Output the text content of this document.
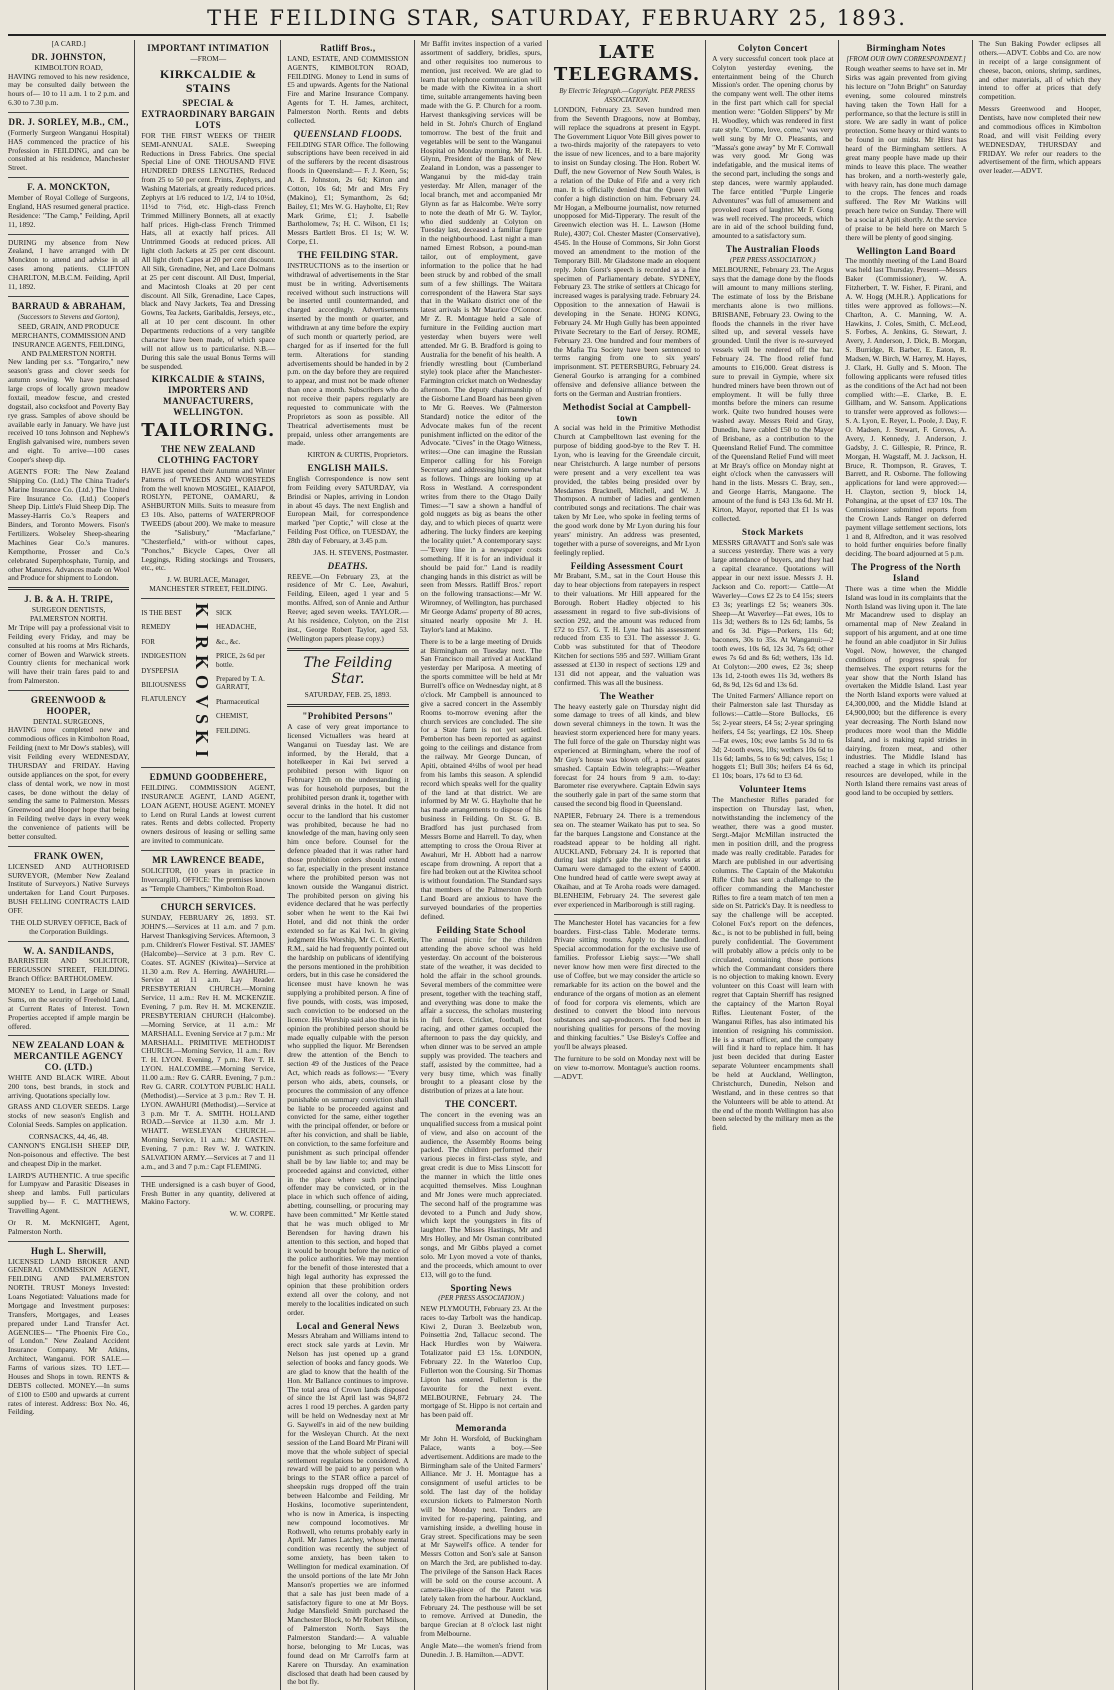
THE FEILDING STAR, SATURDAY, FEBRUARY 25, 1893.
[A CARD.]
DR. JOHNSTON,
KIMBOLTON ROAD,

HAVING removed to his new residence, may be consulted daily between the hours of— 10 to 11 a.m. 1 to 2 p.m. and 6.30 to 7.30 p.m.

DR. J. SORLEY, M.B., CM.,

(Formerly Surgeon Wanganui Hospital) HAS commenced the practice of his Profession in FEILDING, and can be consulted at his residence, Manchester Street.

F. A. MONCKTON,

Member of Royal College of Surgeons, England, HAS resumed general practice. Residence: "The Camp," Feilding, April 11, 1892.

DURING my absence from New Zealand, I have arranged with Dr Monckton to attend and advise in all cases among patients. CLIFTON CHARLTON, M.B.C.M. Feilding, April 11, 1892.

BARRAUD & ABRAHAM,
(Successors to Stevens and Gorton),
SEED, GRAIN, AND PRODUCE MERCHANTS, COMMISSION AND INSURANCE AGENTS, FEILDING, AND PALMERSTON NORTH.

New landing per s.s. "Tongariro," new season's grass and clover seeds for autumn sowing. We have purchased large crops of locally grown meadow foxtail, meadow fescue, and crested dogstail, also cocksfoot and Poverty Bay rye grass. Samples of above should be available early in January. We have just received 10 tons Johnson and Nephew's English galvanised wire, numbers seven and eight. To arrive—100 cases Cooper's sheep dip.

AGENTS FOR: The New Zealand Shipping Co. (Ltd.) The China Trader's Marine Insurance Co. (Ltd.) The United Fire Insurance Co. (Ltd.) Cooper's Sheep Dip. Little's Fluid Sheep Dip. The Massey-Harris Co.'s Reapers and Binders, and Toronto Mowers. Fison's Fertilizers. Wolseley Sheep-shearing Machines Gear Co.'s manures. Kempthorne, Prosser and Co.'s celebrated Superphosphate, Turnip, and other Manures. Advances made on Wool and Produce for shipment to London.

J. B. & A. H. TRIPE,
SURGEON DENTISTS, PALMERSTON NORTH.

Mr Tripe will pay a professional visit to Feilding every Friday, and may be consulted at his rooms at Mrs Richards, corner of Bowen and Warwick streets. Country clients for mechanical work will have their train fares paid to and from Palmerston.

GREENWOOD & HOOPER,
DENTAL SURGEONS,

HAVING now completed new and commodious offices in Kimbolton Road, Feilding (next to Mr Dow's stables), will visit Feilding every WEDNESDAY, THURSDAY and FRIDAY. Having outside appliances on the spot, for every class of dental work, we now in most cases, be done without the delay of sending the same to Palmerston. Messrs Greenwood and Hooper hope that being in Feilding twelve days in every week the convenience of patients will be better consulted.

FRANK OWEN,

LICENSED AND AUTHORISED SURVEYOR, (Member New Zealand Institute of Surveyors.) Native Surveys undertaken for Land Court Purposes. BUSH FELLING CONTRACTS LAID OFF.

THE OLD SURVEY OFFICE, Back of the Corporation Buildings.
W. A. SANDILANDS,

BARRISTER AND SOLICITOR, FERGUSSON STREET, FEILDING. Branch Office: BARTHOLOMEW.

MONEY to Lend, in Large or Small Sums, on the security of Freehold Land, at Current Rates of Interest. Town Properties accepted if ample margin be offered.

NEW ZEALAND LOAN & MERCANTILE AGENCY CO. (LTD.)

WHITE AND BLACK WIRE. About 200 tons, best brands, in stock and arriving. Quotations specially low.

GRASS AND CLOVER SEEDS. Large stocks of new season's English and Colonial Seeds. Samples on application.

CORNSACKS, 44, 46, 48.

CANNON'S ENGLISH SHEEP DIP, Non-poisonous and effective. The best and cheapest Dip in the market.

LAIRD'S AUTHENTIC. A true specific for Lumpyaw and Parasitic Diseases in sheep and lambs. Full particulars supplied by— F. C. MATTHEWS, Travelling Agent.

Or R. M. McKNIGHT, Agent, Palmerston North.

Hugh L. Sherwill,

LICENSED LAND BROKER AND GENERAL COMMISSION AGENT, FEILDING AND PALMERSTON NORTH. TRUST Moneys Invested: Loans Negotiated: Valuations made for Mortgage and Investment purposes: Transfers, Mortgages, and Leases prepared under Land Transfer Act. AGENCIES— "The Phoenix Fire Co., of London." New Zealand Accident Insurance Company. Mr Atkins, Architect, Wanganui. FOR SALE.—Farms of various sizes. TO LET.—Houses and Shops in town. RENTS & DEBTS collected. MONEY.—In sums of £100 to £500 and upwards at current rates of interest. Address: Box No. 46, Feilding.

IMPORTANT INTIMATION
—FROM—
KIRKCALDIE & STAINS
SPECIAL & EXTRAORDINARY BARGAIN LOTS

FOR THE FIRST WEEKS OF THEIR SEMI-ANNUAL SALE. Sweeping Reductions in Dress Fabrics. One special Special Line of ONE THOUSAND FIVE HUNDRED DRESS LENGTHS, Reduced from 25 to 50 per cent. Prints, Zephyrs, and Washing Materials, at greatly reduced prices. Zephyrs at 1/6 reduced to 1/2, 1/4 to 10½d, 11½d to 7½d, etc. High-class French Trimmed Millinery Bonnets, all at exactly half prices. High-class French Trimmed Hats, all at exactly half prices. All Untrimmed Goods at reduced prices. All light cloth Jackets at 25 per cent discount. All light cloth Capes at 20 per cent discount. All Silk, Grenadine, Net, and Lace Dolmans at 25 per cent discount. All Dust, Imperial, and Macintosh Cloaks at 20 per cent discount. All Silk, Grenadine, Lace Capes, black and Navy Jackets, Tea and Dressing Gowns, Tea Jackets, Garibaldis, Jerseys, etc., all at 10 per cent discount. In other Departments reductions of a very tangible character have been made, of which space will not allow us to particularise. N.B.—During this sale the usual Bonus Terms will be suspended.

KIRKCALDIE & STAINS, IMPORTERS AND MANUFACTURERS, WELLINGTON.
TAILORING.
THE NEW ZEALAND CLOTHING FACTORY

HAVE just opened their Autumn and Winter Patterns of TWEEDS AND WORSTEDS from the well known MOSGIEL, KAIAPOI, ROSLYN, PETONE, OAMARU, & ASHBURTON Mills. Suits to measure from £3 10s. Also, patterns of WATERPROOF TWEEDS (about 200). We make to measure the "Salisbury," "Macfarlane," "Chesterfield," with-or without capes, "Ponchos," Bicycle Capes, Over all Leggings, Riding stockings and Trousers, etc., etc.

J. W. BURLACE, Manager, MANCHESTER STREET, FEILDING.
IS THE BEST
REMEDY
FOR
INDIGESTION
DYSPEPSIA
BILIOUSNESS
FLATULENCY KIRKOVSKI SICK
HEADACHE,
&c., &c.
PRICE, 2s 6d per bottle.
Prepared by T. A. GARRATT,
Pharmaceutical
CHEMIST,
FEILDING.
EDMUND GOODBEHERE,

FEILDING. COMMISSION AGENT, INSURANCE AGENT, LAND AGENT, LOAN AGENT, HOUSE AGENT. MONEY to Lend on Rural Lands at lowest current rates. Rents and debts collected. Property owners desirous of leasing or selling same are invited to communicate.

MR LAWRENCE BEADE,

SOLICITOR, (10 years in practice in Invercargill). OFFICE: The premises known as "Temple Chambers," Kimbolton Road.

CHURCH SERVICES.

SUNDAY, FEBRUARY 26, 1893. ST. JOHN'S.—Services at 11 a.m. and 7 p.m. Harvest Thanksgiving Services. Afternoon, 3 p.m. Children's Flower Festival. ST. JAMES' (Halcombe)—Service at 3 p.m. Rev C. Coates. ST. AGNES' (Kiwitea)—Service at 11.30 a.m. Rev A. Herring. AWAHURI.—Service at 11 a.m. Lay Reader. PRESBYTERIAN CHURCH.—Morning Service, 11 a.m.: Rev H. M. MCKENZIE. Evening, 7 p.m. Rev H. M. MCKENZIE. PRESBYTERIAN CHURCH (Halcombe).—Morning Service, at 11 a.m.: Mr MARSHALL. Evening Service at 7 p.m.: Mr MARSHALL. PRIMITIVE METHODIST CHURCH.—Morning Service, 11 a.m.: Rev T. H. LYON. Evening, 7 p.m.: Rev T. H. LYON. HALCOMBE.—Morning Service, 11.00 a.m.: Rev G. CARR. Evening, 7 p.m.: Rev G. CARR. COLYTON PUBLIC HALL (Methodist).—Service at 3 p.m.: Rev T. H. LYON. AWAHURI (Methodist).—Service at 3 p.m. Mr T. A. SMITH. HOLLAND ROAD.—Service at 11.30 a.m. Mr J. WHATT. WESLEYAN CHURCH.—Morning Service, 11 a.m.: Mr CASTEN. Evening, 7 p.m.: Rev W. J. WATKIN. SALVATION ARMY.—Services at 7 and 11 a.m., and 3 and 7 p.m.: Capt FLEMING.

THE undersigned is a cash buyer of Good, Fresh Butter in any quantity, delivered at Makino Factory.

W. W. CORPE.
Ratliff Bros.,

LAND, ESTATE, AND COMMISSION AGENTS, KIMBOLTON ROAD, FEILDING. Money to Lend in sums of £5 and upwards. Agents for the National Fire and Marine Insurance Company. Agents for T. H. James, architect, Palmerston North. Rents and debts collected.

QUEENSLAND FLOODS.

FEILDING STAR Office. The following subscriptions have been received in aid of the sufferers by the recent disastrous floods in Queensland:— F. J. Keen, 5s; A. E. Johnston, 2s 6d; Kirton and Cotton, 10s 6d; Mr and Mrs Fry (Makino), £1; Symanthorn, 2s 6d; Bailey, £1; Mrs W. G. Hayholte, £1; Rev Mark Grime, £1; J. Isabelle Bartholomew, 7s; H. C. Wilson, £1 1s; Messrs Bartlett Bros. £1 1s; W. W. Corpe, £1.

THE FEILDING STAR.

INSTRUCTIONS as to the insertion or withdrawal of advertisements in the Star must be in writing. Advertisements received without such instructions will be inserted until countermanded, and charged accordingly. Advertisements inserted by the month or quarter, and withdrawn at any time before the expiry of such month or quarterly period, are charged for as if inserted for the full term. Alterations for standing advertisements should be handed in by 2 p.m. on the day before they are required to appear, and must not be made oftener than once a month. Subscribers who do not receive their papers regularly are requested to communicate with the Proprietors as soon as possible. All Theatrical advertisements must be prepaid, unless other arrangements are made.

KIRTON & CURTIS, Proprietors.
ENGLISH MAILS.

English Correspondence is now sent from Feilding every SATURDAY, via Brindisi or Naples, arriving in London in about 45 days. The next English and European Mail, for correspondence marked "per Coptic," will close at the Feilding Post Office, on TUESDAY, the 28th day of February, at 3.45 p.m.

JAS. H. STEVENS, Postmaster.
DEATHS.

REEVE.—On February 23, at the residence of Mr C. Lee, Awahuri, Feilding, Eileen, aged 1 year and 5 months. Alfred, son of Annie and Arthur Reeve; aged seven weeks. TAYLOR.—At his residence, Colyton, on the 21st inst., George Robert Taylor, aged 53. (Wellington papers please copy.)

The Feilding Star.
SATURDAY, FEB. 25, 1893.
"Prohibited Persons"

A case of very great importance to licensed Victuallers was heard at Wanganui on Tuesday last. We are informed, by the Herald, that a hotelkeeper in Kai Iwi served a prohibited person with liquor on February 12th on the understanding it was for household purposes, but the prohibited person drank it, together with several drinks in the hotel. It did not occur to the landlord that his customer was prohibited, because he had no knowledge of the man, having only seen him once before. Counsel for the defence pleaded that it was rather hard those prohibition orders should extend so far, especially in the present instance where the prohibited person was not known outside the Wanganui district. The prohibited person on giving his evidence declared that he was perfectly sober when he went to the Kai Iwi Hotel, and did not think the order extended so far as Kai Iwi. In giving judgment His Worship, Mr C. C. Kettle, R.M., said he had frequently pointed out the hardship on publicans of identifying the persons mentioned in the prohibition orders, but in this case he considered the licensee must have known he was supplying a prohibited person. A fine of five pounds, with costs, was imposed, such conviction to be endorsed on the licence. His Worship said also that in his opinion the prohibited person should be made equally culpable with the person who supplied the liquor. Mr Berendsen drew the attention of the Bench to section 49 of the Justices of the Peace Act, which reads as follows:— "Every person who aids, abets, counsels, or procures the commission of any offence punishable on summary conviction shall be liable to be proceeded against and convicted for the same, either together with the principal offender, or before or after his conviction, and shall be liable, on conviction, to the same forfeiture and punishment as such principal offender shall be by law liable to; and may be proceeded against and convicted, either in the place where such principal offender may be convicted, or in the place in which such offence of aiding, abetting, counselling, or procuring may have been committed." Mr Kettle stated that he was much obliged to Mr Berendsen for having drawn his attention to this section, and hoped that it would be brought before the notice of the police authorities. We may mention for the benefit of those interested that a high legal authority has expressed the opinion that these prohibition orders extend all over the colony, and not merely to the localities indicated on such order.

Local and General News

Messrs Abraham and Williams intend to erect stock sale yards at Levin. Mr Nelson has just opened up a grand selection of books and fancy goods. We are glad to know that the health of the Hon. Mr Ballance continues to improve. The total area of Crown lands disposed of since the 1st April last was 94,872 acres 1 rood 19 perches. A garden party will be held on Wednesday next at Mr G. Saywell's in aid of the new building for the Wesleyan Church. At the next session of the Land Board Mr Pirani will move that the whole subject of special settlement regulations be considered. A reward will be paid to any person who brings to the STAR office a parcel of sheepskin rugs dropped off the train between Halcombe and Feilding. Mr Hoskins, locomotive superintendent, who is now in America, is inspecting new compound locomotives. Mr Rothwell, who returns probably early in April. Mr James Latchey, whose mental condition was recently the subject of some anxiety, has been taken to Wellington for medical examination. Of the unsold portions of the late Mr John Manson's properties we are informed that a sale has just been made of a satisfactory figure to one at Mr Boys. Judge Mansfield Smith purchased the Manchester Block, to Mr Robert Milson, of Palmerston North. Says the Palmerston Standard:— A valuable horse, belonging to Mr Lucas, was found dead on Mr Carroll's farm at Karere on Thursday. An examination disclosed that death had been caused by the bot fly.

Mr Baffit invites inspection of a varied assortment of saddlery, bridles, spurs, and other requisites too numerous to mention, just received. We are glad to learn that telephone communication will be made with the Kiwitea in a short time, suitable arrangements having been made with the G. P. Church for a room. Harvest thanksgiving services will be held in St. John's Church of England tomorrow. The best of the fruit and vegetables will be sent to the Wanganui Hospital on Monday morning. Mr R. H. Glynn, President of the Bank of New Zealand in London, was a passenger to Wanganui by the mid-day train yesterday. Mr Allen, manager of the local branch, met and accompanied Mr Glynn as far as Halcombe. We're sorry to note the death of Mr G. W. Taylor, who died suddenly at Colyton on Tuesday last, deceased a familiar figure in the neighbourhood. Last night a man named Ernest Robson, a pound-man tailor, out of employment, gave information to the police that he had been struck by and robbed of the small sum of a few shillings. The Waitara correspondent of the Hawera Star says that in the Waikato district one of the latest arrivals is Mr Maurice O'Connor. Mr Z. R. Montague held a sale of furniture in the Feilding auction mart yesterday when buyers were well attended. Mr G. B. Bradford is going to Australia for the benefit of his health. A friendly wrestling bout (Cumberland style) took place after the Manchester-Farmington cricket match on Wednesday afternoon. The deputy chairmanship of the Gisborne Land Board has been given to Mr G. Reeves. We (Palmerston Standard) notice the editor of the Advocate makes fun of the recent punishment inflicted on the editor of the Advocate. "Cives" in the Otago Witness, writes:—One can imagine the Russian Emperor calling for his Foreign Secretary and addressing him somewhat as follows. Things are looking up at Ross in Westland. A correspondent writes from there to the Otago Daily Times:—"I saw a shown a handful of gold nuggets as big as beans the other day, and to which pieces of quartz were adhering. The lucky finders are keeping the locality quiet." A contemporary says:—"Every line in a newspaper costs something. If it is for an individual it should be paid for." Land is readily changing hands in this district as will be seen from Messrs. Ratliff Bros.' report on the following transactions:—Mr W. Wiromney, of Wellington, has purchased Mr George Adams' property of 80 acres, situated nearly opposite Mr J. H. Taylor's land at Makino.

There is to be a large meeting of Druids at Birmingham on Tuesday next. The San Francisco mail arrived at Auckland yesterday per Mariposa. A meeting of the sports committee will be held at Mr Burrell's office on Wednesday night, at 8 o'clock. Mr Campbell is announced to give a sacred concert in the Assembly Rooms to-morrow evening after the church services are concluded. The site for a State farm is not yet settled. Pemberton has been reported as against going to the ceilings and distance from the railway. Mr George Duncan, of Apiti, obtained 4½lbs of wool per head from his lambs this season. A splendid record which speaks well for the quality of the land at that district. We are informed by Mr W. G. Hayholte that he has made arrangements to dispose of his business in Feilding. On St. G. B. Bradford has just purchased from Messrs Borne and Harrell. To day, when attempting to cross the Oroua River at Awahuri, Mr H. Abbott had a narrow escape from drowning. A report that a fire had broken out at the Kiwitea school is without foundation. The Standard says that members of the Palmerston North Land Board are anxious to have the surveyed boundaries of the properties defined.

Feilding State School

The annual picnic for the children attending the above school was held yesterday. On account of the boisterous state of the weather, it was decided to hold the affair in the school grounds. Several members of the committee were present, together with the teaching staff, and everything was done to make the affair a success, the scholars mustering in full force. Cricket, football, foot racing, and other games occupied the afternoon to pass the day quickly, and when dinner was to be served an ample supply was provided. The teachers and staff, assisted by the committee, had a very busy time, which was finally brought to a pleasant close by the distribution of prizes at a late hour.

THE CONCERT.

The concert in the evening was an unqualified success from a musical point of view, and also on account of the audience, the Assembly Rooms being packed. The children performed their various pieces in first-class style, and great credit is due to Miss Linscott for the manner in which the little ones acquitted themselves. Miss Loughnan and Mr Jones were much appreciated. The second half of the programme was devoted to a Punch and Judy show, which kept the youngsters in fits of laughter. The Misses Hastings, Mr and Mrs Holley, and Mr Osman contributed songs, and Mr Gibbs played a cornet solo. Mr Lyon moved a vote of thanks, and the proceeds, which amount to over £13, will go to the fund.

Sporting News
(PER PRESS ASSOCIATION.)

NEW PLYMOUTH, February 23. At the races to-day Tarbolt was the handicap. Kiwi 2, Duran 3. Beelzebub won, Poinsettia 2nd, Tallacuc second. The Hack Hurdles won by Waiwera. Totalizator paid £3 15s. LONDON, February 22. In the Waterloo Cup, Fullerton won the Coursing. Sir Thomas Lipton has entered. Fullerton is the favourite for the next event. MELBOURNE, February 24. The mortgage of St. Hippo is not certain and has been paid off.

Memoranda

Mr John H. Worsfold, of Buckingham Palace, wants a boy.—See advertisement. Additions are made to the Birmingham sale of the United Farmers' Alliance. Mr J. H. Montague has a consignment of useful articles to be sold. The last day of the holiday excursion tickets to Palmerston North will be Monday next. Tenders are invited for re-papering, painting, and varnishing inside, a dwelling house in Gray street. Specifications may be seen at Mr Saywell's office. A tender for Messrs Cotton and Son's sale at Sanson on March the 3rd, are published to-day. The privilege of the Sanson Hack Races will be sold on the course account. A camera-like-piece of the Patent was lately taken from the harbour. Auckland, February 24. The pesthouse will be set to remove. Arrived at Dunedin, the barque Grecian at 8 o'clock last night from Melbourne.

Angle Mate—the women's friend from Dunedin. J. B. Hamilton.—ADVT.

LATE TELEGRAMS.
By Electric Telegraph.—Copyright. PER PRESS ASSOCIATION.

LONDON, February 23. Seven hundred men from the Seventh Dragoons, now at Bombay, will replace the squadrons at present in Egypt. The Government Liquor Vote Bill gives power to a two-thirds majority of the ratepayers to veto the issue of new licences, and to a bare majority to insist on Sunday closing. The Hon. Robert W. Duff, the new Governor of New South Wales, is a relation of the Duke of Fife and a very rich man. It is officially denied that the Queen will confer a high distinction on him. February 24. Mr Hogan, a Melbourne journalist, now returned unopposed for Mid-Tipperary. The result of the Greenwich election was H. L. Lawson (Home Rule), 4307; Col. Chester Master (Conservative), 4545. In the House of Commons, Sir John Gorst moved an amendment to the motion of the Temporary Bill. Mr Gladstone made an eloquent reply. John Gorst's speech is recorded as a fine specimen of Parliamentary debate. SYDNEY, February 23. The strike of settlers at Chicago for increased wages is paralysing trade. February 24. Opposition to the annexation of Hawaii is developing in the Senate. HONG KONG, February 24. Mr Hugh Gully has been appointed Private Secretary to the Earl of Jersey. ROME, February 23. One hundred and four members of the Mafia Tra Society have been sentenced to terms ranging from one to six years' imprisonment. ST. PETERSBURG, February 24. General Gourko is arranging for a combined offensive and defensive alliance between the forts on the German and Austrian frontiers.

Methodist Social at Campbell-town

A social was held in the Primitive Methodist Church at Campbelltown last evening for the purpose of bidding good-bye to the Rev T. H. Lyon, who is leaving for the Greendale circuit, near Christchurch. A large number of persons were present and a very excellent tea was provided, the tables being presided over by Mesdames Bracknell, Mitchell, and W. J. Thompson. A number of ladies and gentlemen contributed songs and recitations. The chair was taken by Mr Lee, who spoke in feeling terms of the good work done by Mr Lyon during his four years' ministry. An address was presented, together with a purse of sovereigns, and Mr Lyon feelingly replied.

Feilding Assessment Court

Mr Brabant, S.M., sat in the Court House this day to hear objections from ratepayers in respect to their valuations. Mr Hill appeared for the Borough. Robert Hadley objected to his assessment in regard to five sub-divisions of section 292, and the amount was reduced from £72 to £57. G. T. H. Lyne had his assessment reduced from £35 to £31. The assessor J. G. Cobb was substituted for that of Theodore Kitchen for sections 595 and 597. William Grant assessed at £130 in respect of sections 129 and 131 did not appear, and the valuation was confirmed. This was all the business.

The Weather

The heavy easterly gale on Thursday night did some damage to trees of all kinds, and blew down several chimneys in the town. It was the heaviest storm experienced here for many years. The full force of the gale on Thursday night was experienced at Birmingham, where the roof of Mr Guy's house was blown off, a pair of gates smashed. Captain Edwin telegraphs:—Weather forecast for 24 hours from 9 a.m. to-day: Barometer rise everywhere. Captain Edwin says the southerly gale in part of the same storm that caused the second big flood in Queensland.

NAPIER, February 24. There is a tremendous sea on. The steamer Waikato has put to sea. So far the barques Langstone and Constance at the roadstead appear to be holding all right. AUCKLAND, February 24. It is reported that during last night's gale the railway works at Oamaru were damaged to the extent of £4000. One hundred head of cattle were swept away at Okaihau, and at Te Aroha roads were damaged. BLENHEIM, February 24. The severest gale ever experienced in Marlborough is still raging.

The Manchester Hotel has vacancies for a few boarders. First-class Table. Moderate terms. Private sitting rooms. Apply to the landlord. Special accommodation for the exclusive use of families. Professor Liebig says:—"We shall never know how men were first directed to the use of Coffee, but we may consider the article so remarkable for its action on the bowel and the endurance of the organs of motion as an element of food for corpora vis elements, which are destined to convert the blood into nervous substances and sap-producers. The food best in nourishing qualities for persons of the moving and thinking faculties." Use Bisley's Coffee and you'll be always pleased.

The furniture to be sold on Monday next will be on view to-morrow. Montague's auction rooms.—ADVT.

Colyton Concert

A very successful concert took place at Colyton yesterday evening, the entertainment being of the Church Mission's order. The opening chorus by the company went well. The other items in the first part which call for special mention were: "Golden Slippers" by Mr H. Woodley, which was rendered in first rate style. "Come, love, come," was very well sung by Mr O. Pleasants, and "Massa's gone away" by Mr F. Cornwall was very good. Mr Gong was indefatigable, and the musical items of the second part, including the songs and step dances, were warmly applauded. The farce entitled "Purple Lingerie Adventures" was full of amusement and provoked roars of laughter. Mr F. Gong was well received. The proceeds, which are in aid of the school building fund, amounted to a satisfactory sum.

The Australian Floods
(PER PRESS ASSOCIATION.)

MELBOURNE, February 23. The Argus says that the damage done by the floods will amount to many millions sterling. The estimate of loss by the Brisbane merchants alone is two millions. BRISBANE, February 23. Owing to the floods the channels in the river have silted up, and several vessels have grounded. Until the river is re-surveyed vessels will be rendered off the bar. February 24. The flood relief fund amounts to £16,000. Great distress is sure to prevail in Gympie, where six hundred miners have been thrown out of employment. It will be fully three months before the miners can resume work. Quite two hundred houses were washed away. Messrs Reid and Gray, Dunedin, have cabled £50 to the Mayor of Brisbane, as a contribution to the Queensland Relief Fund. The committee of the Queensland Relief Fund will meet at Mr Bray's office on Monday night at eight o'clock when the canvassers will hand in the lists. Messrs C. Bray, sen., and George Harris, Mangaone. The amount of the fund is £43 13s 6d. Mr H. Kirton, Mayor, reported that £1 1s was collected.

Stock Markets

MESSRS GRAVATT and Son's sale was a success yesterday. There was a very large attendance of buyers, and they had a capital clearance. Quotations will appear in our next issue. Messrs J. H. Jackson and Co. report:— Cattle—At Waverley—Cows £2 2s to £4 15s; steers £3 3s; yearlings £2 5s; weaners 30s. Sheep—At Waverley—Fat ewes, 10s to 11s 3d; wethers 8s to 12s 6d; lambs, 5s and 6s 3d. Pigs—Porkers, 11s 6d; baconers, 30s to 35s. At Wanganui:—2 tooth ewes, 10s 6d, 12s 3d, 7s 6d; other ewes 7s 6d and 8s 6d; wethers, 13s 1d. At Colyton:—200 ewes, £2 3s; sheep 13s 1d, 2-tooth ewes 11s 3d, wethers 8s 6d, 8s 9d, 12s 6d and 13s 6d.

The United Farmers' Alliance report on their Palmerston sale last Thursday as follows:—Cattle—Store Bullocks, £6 5s; 2-year steers, £4 5s; 2-year springing heifers, £4 5s; yearlings, £2 10s. Sheep—Fat ewes, 10s; ewe lambs 5s 3d to 6s 3d; 2-tooth ewes, 10s; wethers 10s 6d to 11s 6d; lambs, 5s to 6s 9d; calves, 15s; 1 hoggets £1; Bull 30s; heifers £4 6s 6d, £1 10s; boars, 17s 6d to £3 6d.

Volunteer Items

The Manchester Rifles paraded for inspection on Thursday last, when, notwithstanding the inclemency of the weather, there was a good muster. Sergt.-Major McMillan instructed the men in position drill, and the progress made was really creditable. Parades for March are published in our advertising columns. The Captain of the Makotuku Rifle Club has sent a challenge to the officer commanding the Manchester Rifles to fire a team match of ten men a side on St. Patrick's Day. It is needless to say the challenge will be accepted. Colonel Fox's report on the defences, &c., is not to be published in full, being purely confidential. The Government will probably allow a précis only to be circulated, containing those portions which the Commandant considers there is no objection to making known. Every volunteer on this Coast will learn with regret that Captain Sherriff has resigned the captaincy of the Marton Royal Rifles. Lieutenant Foster, of the Wanganui Rifles, has also intimated his intention of resigning his commission. He is a smart officer, and the company will find it hard to replace him. It has just been decided that during Easter separate Volunteer encampments shall be held at Auckland, Wellington, Christchurch, Dunedin, Nelson and Westland, and in these centres so that the Volunteers will be able to attend. At the end of the month Wellington has also been selected by the military men as the field.

Birmingham Notes
[FROM OUR OWN CORRESPONDENT.]

Rough weather seems to have set in. Mr Sirks was again prevented from giving his lecture on "John Bright" on Saturday evening, some coloured minstrels having taken the Town Hall for a performance, so that the lecture is still in store. We are sadly in want of police protection. Some heavy or third wants to be found in our midst. Mr Hirst has heard of the Birmingham settlers. A great many people have made up their minds to leave this place. The weather has broken, and a north-westerly gale, with heavy rain, has done much damage to the crops. The fences and roads suffered. The Rev Mr Watkins will preach here twice on Sunday. There will be a social at Apiti shortly. At the service of praise to be held here on March 5 there will be plenty of good singing.

Wellington Land Board

The monthly meeting of the Land Board was held last Thursday. Present—Messrs Baker (Commissioner), W. A. Fitzherbert, T. W. Fisher, F. Pirani, and A. W. Hogg (M.H.R.). Applications for titles were approved as follows:—N. Charlton, A. C. Manning, W. A. Hawkins, J. Coles, Smith, C. McLeod, S. Forbes, A. Jenkins, G. Stewart, J. Avery, J. Anderson, J. Dick, B. Morgan, S. Burridge, R. Barber, E. Eaton, R. Madsen, W. Birch, W. Harrey, M. Hayes, J. Clark, H. Gully and S. Moon. The following applicants were refused titles as the conditions of the Act had not been complied with:—E. Clarke, B. E. Gillham, and W. Sansom. Applications to transfer were approved as follows:—S. A. Lyon, E. Reyer, L. Poole, J. Day, F. O. Madsen, J. Stewart, F. Groves, A. Avery, J. Kennedy, J. Anderson, J. Gadsby, J. C. Gillespie, R. Prince, R. Morgan, H. Wagstaff, M. J. Jackson, H. Bruce, R. Thompson, R. Graves, T. Barrett, and R. Osborne. The following applications for land were approved:—H. Clayton, section 9, block 14, Pohangina, at the upset of £37 10s. The Commissioner submitted reports from the Crown Lands Ranger on deferred payment village settlement sections, lots 1 and 8, Alfredton, and it was resolved to hold further enquiries before finally deciding. The board adjourned at 5 p.m.

The Progress of the North Island

There was a time when the Middle Island was loud in its complaints that the North Island was living upon it. The late Mr Macandrew used to display an ornamental map of New Zealand in support of his argument, and at one time he found an able coadjutor in Sir Julius Vogel. Now, however, the changed conditions of progress speak for themselves. The export returns for the year show that the North Island has overtaken the Middle Island. Last year the North Island exports were valued at £4,300,000, and the Middle Island at £4,900,000; but the difference is every year decreasing. The North Island now produces more wool than the Middle Island, and is making rapid strides in dairying, frozen meat, and other industries. The Middle Island has reached a stage in which its principal resources are developed, while in the North Island there remains vast areas of good land to be occupied by settlers.

The Sun Baking Powder eclipses all others.—ADVT. Cobbs and Co. are now in receipt of a large consignment of cheese, bacon, onions, shrimp, sardines, and other materials, all of which they intend to offer at prices that defy competition.

Messrs Greenwood and Hooper, Dentists, have now completed their new and commodious offices in Kimbolton Road, and will visit Feilding every WEDNESDAY, THURSDAY and FRIDAY. We refer our readers to the advertisement of the firm, which appears over leader.—ADVT.
